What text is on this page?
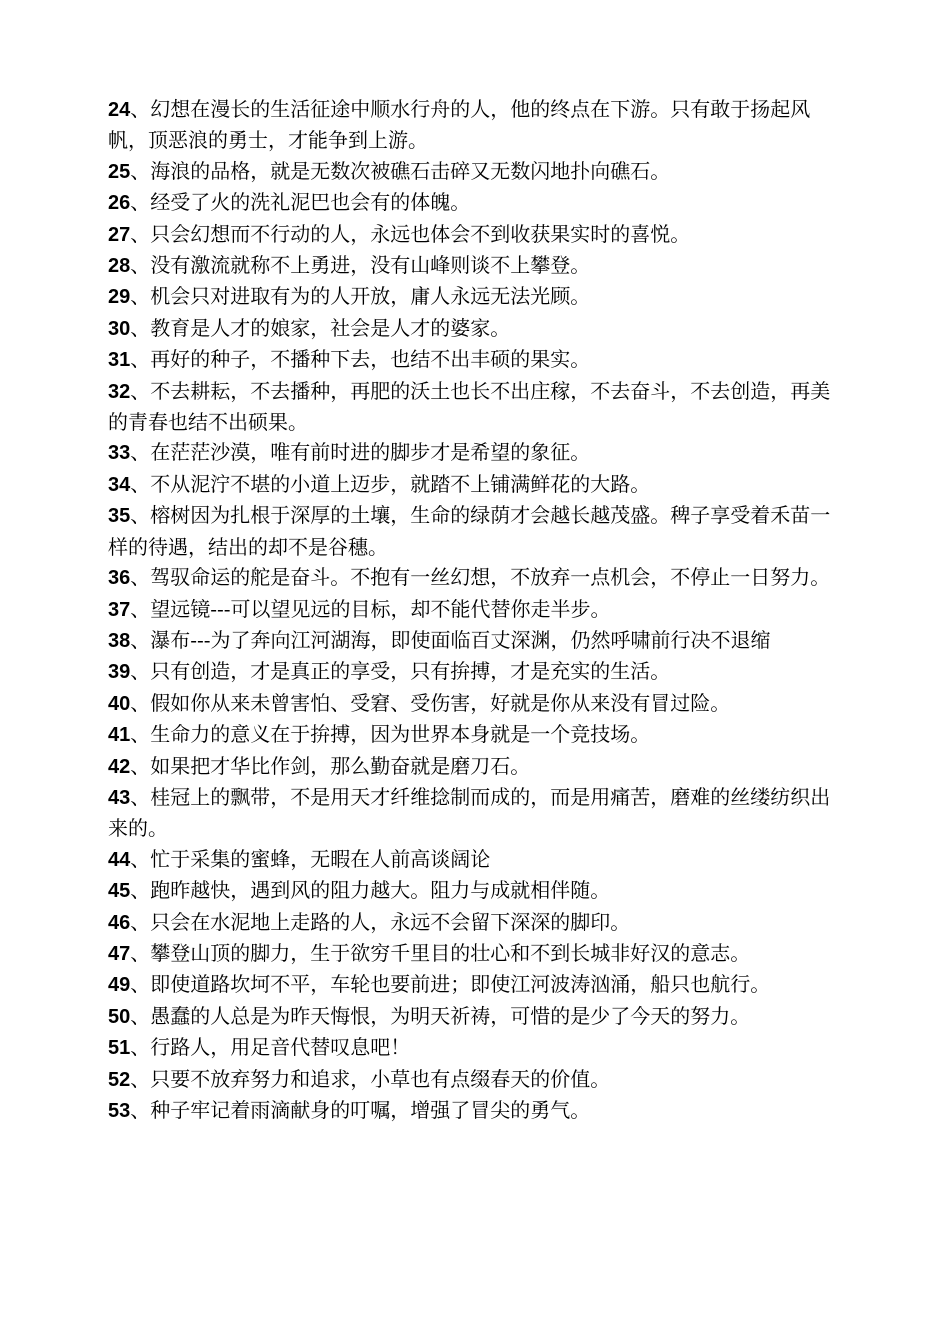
24、幻想在漫长的生活征途中顺水行舟的人，他的终点在下游。只有敢于扬起风帆，顶恶浪的勇士，才能争到上游。

25、海浪的品格，就是无数次被礁石击碎又无数闪地扑向礁石。

26、经受了火的洗礼泥巴也会有的体魄。

27、只会幻想而不行动的人，永远也体会不到收获果实时的喜悦。

28、没有激流就称不上勇进，没有山峰则谈不上攀登。

29、机会只对进取有为的人开放，庸人永远无法光顾。

30、教育是人才的娘家，社会是人才的婆家。

31、再好的种子，不播种下去，也结不出丰硕的果实。

32、不去耕耘，不去播种，再肥的沃土也长不出庄稼，不去奋斗，不去创造，再美的青春也结不出硕果。

33、在茫茫沙漠，唯有前时进的脚步才是希望的象征。

34、不从泥泞不堪的小道上迈步，就踏不上铺满鲜花的大路。

35、榕树因为扎根于深厚的土壤，生命的绿荫才会越长越茂盛。稗子享受着禾苗一样的待遇，结出的却不是谷穗。

36、驾驭命运的舵是奋斗。不抱有一丝幻想，不放弃一点机会，不停止一日努力。

37、望远镜---可以望见远的目标，却不能代替你走半步。

38、瀑布---为了奔向江河湖海，即使面临百丈深渊，仍然呼啸前行决不退缩

39、只有创造，才是真正的享受，只有拚搏，才是充实的生活。

40、假如你从来未曾害怕、受窘、受伤害，好就是你从来没有冒过险。

41、生命力的意义在于拚搏，因为世界本身就是一个竞技场。

42、如果把才华比作剑，那么勤奋就是磨刀石。

43、桂冠上的飘带，不是用天才纤维捻制而成的，而是用痛苦，磨难的丝缕纺织出来的。

44、忙于采集的蜜蜂，无暇在人前高谈阔论

45、跑昨越快，遇到风的阻力越大。阻力与成就相伴随。

46、只会在水泥地上走路的人，永远不会留下深深的脚印。

47、攀登山顶的脚力，生于欲穷千里目的壮心和不到长城非好汉的意志。

49、即使道路坎坷不平，车轮也要前进；即使江河波涛汹涌，船只也航行。

50、愚蠢的人总是为昨天悔恨，为明天祈祷，可惜的是少了今天的努力。

51、行路人，用足音代替叹息吧！

52、只要不放弃努力和追求，小草也有点缀春天的价值。

53、种子牢记着雨滴献身的叮嘱，增强了冒尖的勇气。
